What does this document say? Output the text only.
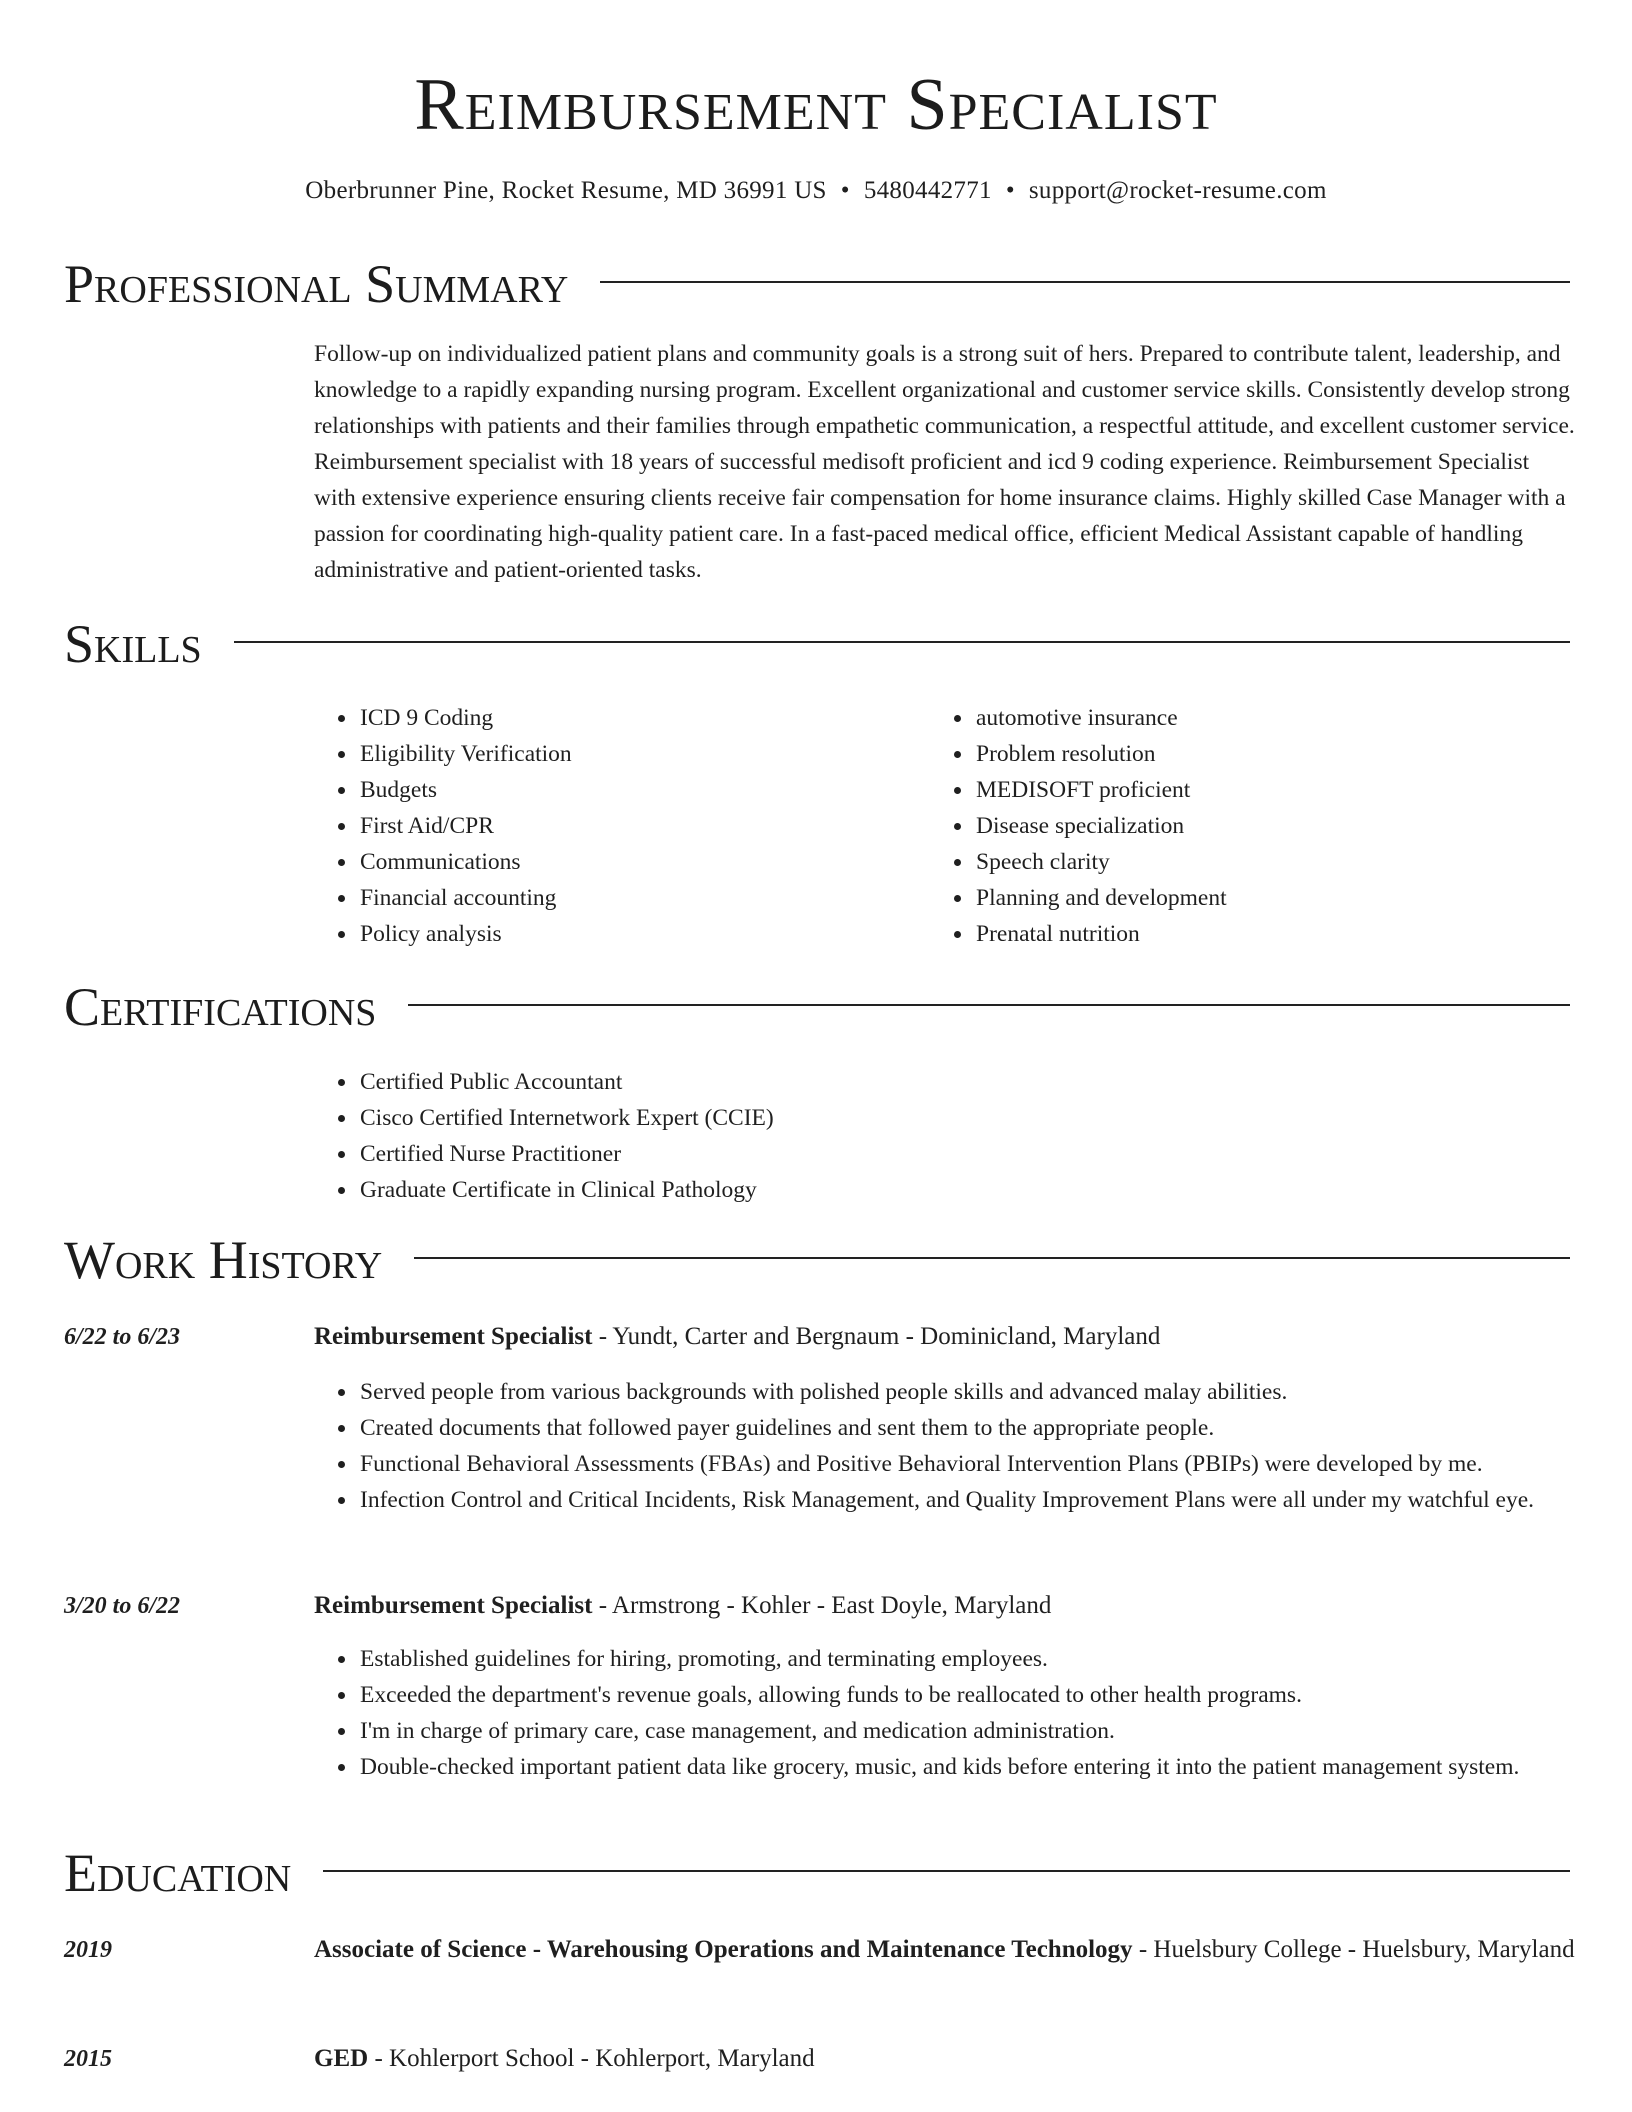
Reimbursement Specialist
Oberbrunner Pine, Rocket Resume, MD 36991 US • 5480442771 • support@rocket-resume.com
Professional Summary
Follow-up on individualized patient plans and community goals is a strong suit of hers. Prepared to contribute talent, leadership, and knowledge to a rapidly expanding nursing program. Excellent organizational and customer service skills. Consistently develop strong relationships with patients and their families through empathetic communication, a respectful attitude, and excellent customer service. Reimbursement specialist with 18 years of successful medisoft proficient and icd 9 coding experience. Reimbursement Specialist with extensive experience ensuring clients receive fair compensation for home insurance claims. Highly skilled Case Manager with a passion for coordinating high-quality patient care. In a fast-paced medical office, efficient Medical Assistant capable of handling administrative and patient-oriented tasks.
Skills
• ICD 9 Coding
• Eligibility Verification
• Budgets
• First Aid/CPR
• Communications
• Financial accounting
• Policy analysis
• automotive insurance
• Problem resolution
• MEDISOFT proficient
• Disease specialization
• Speech clarity
• Planning and development
• Prenatal nutrition
Certifications
• Certified Public Accountant
• Cisco Certified Internetwork Expert (CCIE)
• Certified Nurse Practitioner
• Graduate Certificate in Clinical Pathology
Work History
6/22 to 6/23	Reimbursement Specialist - Yundt, Carter and Bergnaum - Dominicland, Maryland
• Served people from various backgrounds with polished people skills and advanced malay abilities.
• Created documents that followed payer guidelines and sent them to the appropriate people.
• Functional Behavioral Assessments (FBAs) and Positive Behavioral Intervention Plans (PBIPs) were developed by me.
• Infection Control and Critical Incidents, Risk Management, and Quality Improvement Plans were all under my watchful eye.
3/20 to 6/22	Reimbursement Specialist - Armstrong - Kohler - East Doyle, Maryland
• Established guidelines for hiring, promoting, and terminating employees.
• Exceeded the department's revenue goals, allowing funds to be reallocated to other health programs.
• I'm in charge of primary care, case management, and medication administration.
• Double-checked important patient data like grocery, music, and kids before entering it into the patient management system.
Education
2019	Associate of Science - Warehousing Operations and Maintenance Technology - Huelsbury College - Huelsbury, Maryland
2015	GED - Kohlerport School - Kohlerport, Maryland
